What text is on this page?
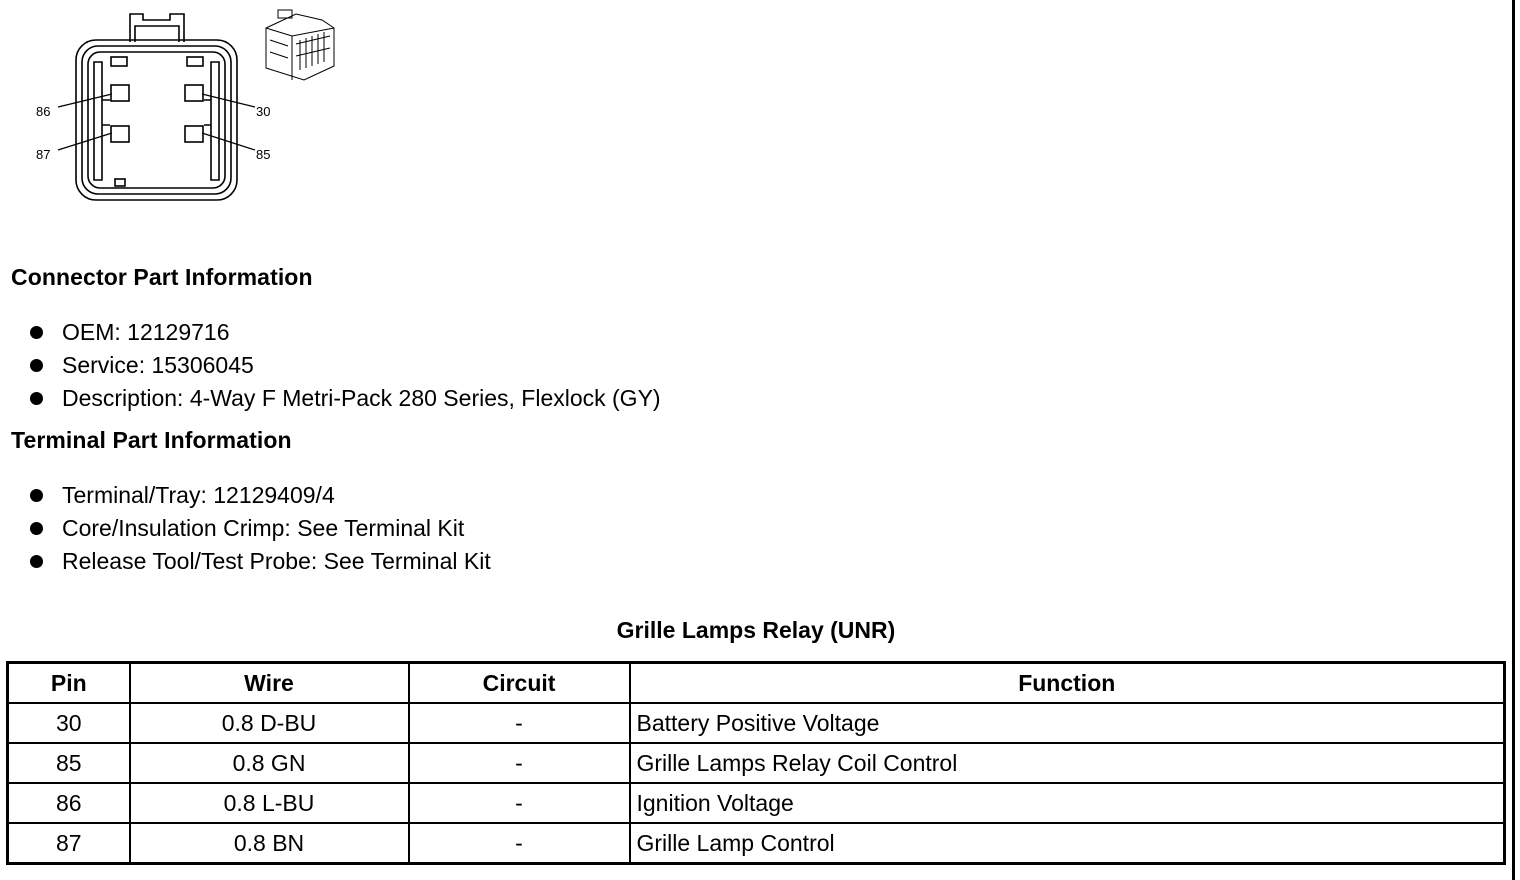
86	30
87	85
Connector Part Information
OEM: 12129716
Service: 15306045
Description: 4-Way F Metri-Pack 280 Series, Flexlock (GY)
Terminal Part Information
Terminal/Tray: 12129409/4
Core/Insulation Crimp: See Terminal Kit
Release Tool/Test Probe: See Terminal Kit

Grille Lamps Relay (UNR)

Pin	Wire	Circuit	Function
30	0.8 D-BU	-	Battery Positive Voltage
85	0.8 GN	-	Grille Lamps Relay Coil Control
86	0.8 L-BU	-	Ignition Voltage
87	0.8 BN	-	Grille Lamp Control
